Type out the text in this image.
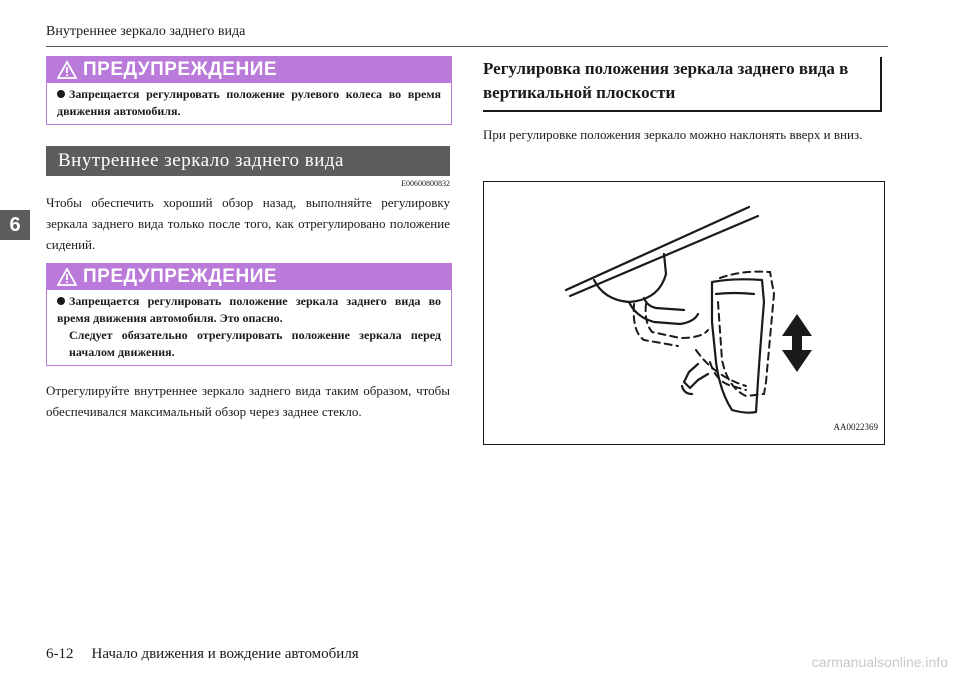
Внутреннее зеркало заднего вида
6
ПРЕДУПРЕЖДЕНИЕ

Запрещается регулировать положение рулевого колеса во время движения автомобиля.

Внутреннее зеркало заднего вида
E00600800832
Чтобы обеспечить хороший обзор назад, выполняйте регулировку зеркала заднего вида только после того, как отрегулировано положение сидений.
ПРЕДУПРЕЖДЕНИЕ

Запрещается регулировать положение зеркала заднего вида во время движения автомобиля. Это опасно.

Следует обязательно отрегулировать положение зеркала перед началом движения.

Отрегулируйте внутреннее зеркало заднего вида таким образом, чтобы обеспечивался максимальный обзор через заднее стекло.
Регулировка положения зеркала заднего вида в вертикальной плоскости
При регулировке положения зеркало можно наклонять вверх и вниз.
AA0022369
6-12 Начало движения и вождение автомобиля	carmanualsonline.info
